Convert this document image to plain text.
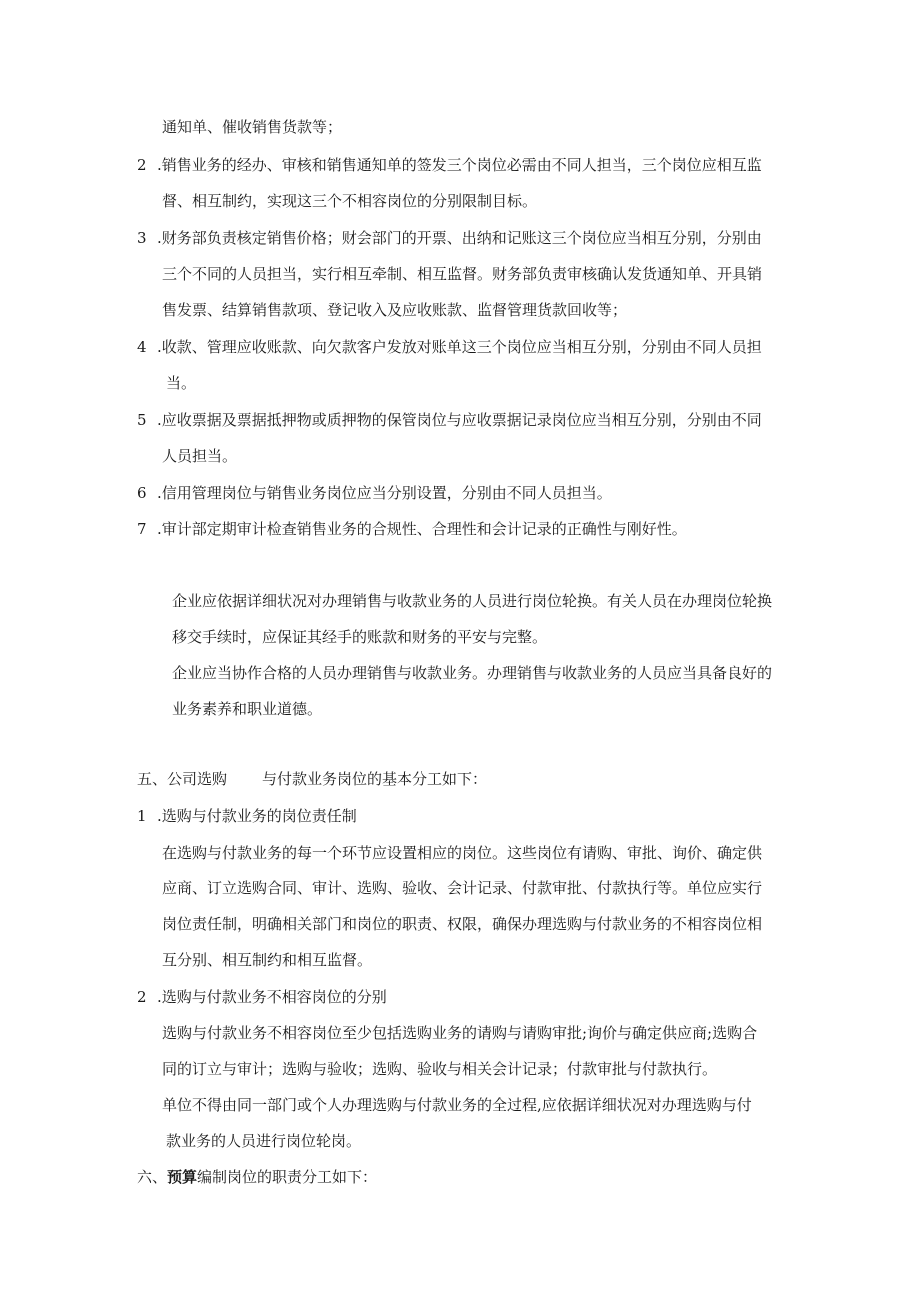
通知单、催收销售货款等；
2 .销售业务的经办、审核和销售通知单的签发三个岗位必需由不同人担当，三个岗位应相互监
督、相互制约，实现这三个不相容岗位的分别限制目标。
3 .财务部负责核定销售价格；财会部门的开票、出纳和记账这三个岗位应当相互分别，分别由
三个不同的人员担当，实行相互牵制、相互监督。财务部负责审核确认发货通知单、开具销
售发票、结算销售款项、登记收入及应收账款、监督管理货款回收等；
4 .收款、管理应收账款、向欠款客户发放对账单这三个岗位应当相互分别，分别由不同人员担
当。
5 .应收票据及票据抵押物或质押物的保管岗位与应收票据记录岗位应当相互分别，分别由不同
人员担当。
6 .信用管理岗位与销售业务岗位应当分别设置，分别由不同人员担当。
7 .审计部定期审计检查销售业务的合规性、合理性和会计记录的正确性与刚好性。
企业应依据详细状况对办理销售与收款业务的人员进行岗位轮换。有关人员在办理岗位轮换
移交手续时，应保证其经手的账款和财务的平安与完整。
企业应当协作合格的人员办理销售与收款业务。办理销售与收款业务的人员应当具备良好的
业务素养和职业道德。
五、公司选购 与付款业务岗位的基本分工如下：
1 .选购与付款业务的岗位责任制
在选购与付款业务的每一个环节应设置相应的岗位。这些岗位有请购、审批、询价、确定供
应商、订立选购合同、审计、选购、验收、会计记录、付款审批、付款执行等。单位应实行
岗位责任制，明确相关部门和岗位的职责、权限，确保办理选购与付款业务的不相容岗位相
互分别、相互制约和相互监督。
2 .选购与付款业务不相容岗位的分别
选购与付款业务不相容岗位至少包括选购业务的请购与请购审批;询价与确定供应商;选购合
同的订立与审计；选购与验收；选购、验收与相关会计记录；付款审批与付款执行。
单位不得由同一部门或个人办理选购与付款业务的全过程,应依据详细状况对办理选购与付
款业务的人员进行岗位轮岗。
六、预算编制岗位的职责分工如下：
